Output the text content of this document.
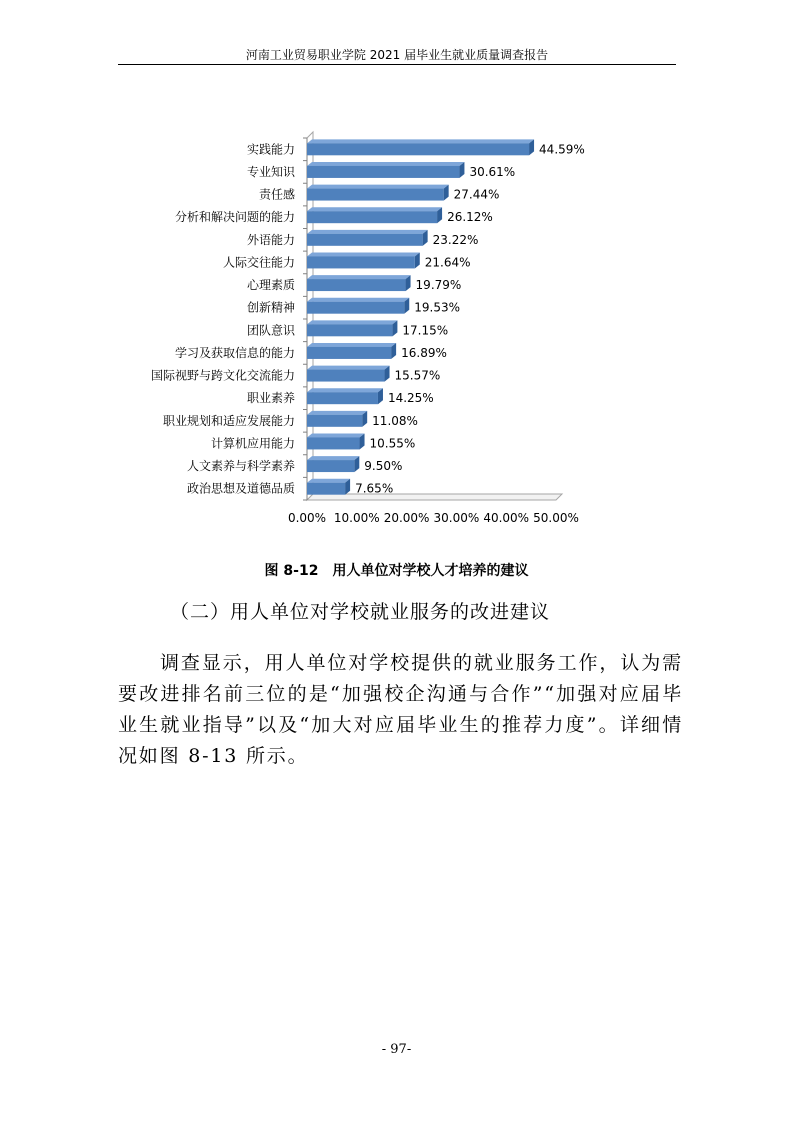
河南工业贸易职业学院 2021 届毕业生就业质量调查报告
实践能力	44.59%
专业知识	30.61%
责任感	27.44%
分析和解决问题的能力	26.12%
外语能力	23.22%
人际交往能力	21.64%
心理素质	19.79%
创新精神	19.53%
团队意识	17.15%
学习及获取信息的能力	16.89%
国际视野与跨文化交流能力	15.57%
职业素养	14.25%
职业规划和适应发展能力	11.08%
计算机应用能力	10.55%
人文素养与科学素养	9.50%
政治思想及道德品质	7.65%
0.00% 10.00% 20.00% 30.00% 40.00% 50.00%
图 8-12 用人单位对学校人才培养的建议
（二）用人单位对学校就业服务的改进建议
调查显示，用人单位对学校提供的就业服务工作，认为需要改进排名前三位的是“加强校企沟通与合作”“加强对应届毕业生就业指导”以及“加大对应届毕业生的推荐力度”。详细情况如图 8-13 所示。
- 97-
